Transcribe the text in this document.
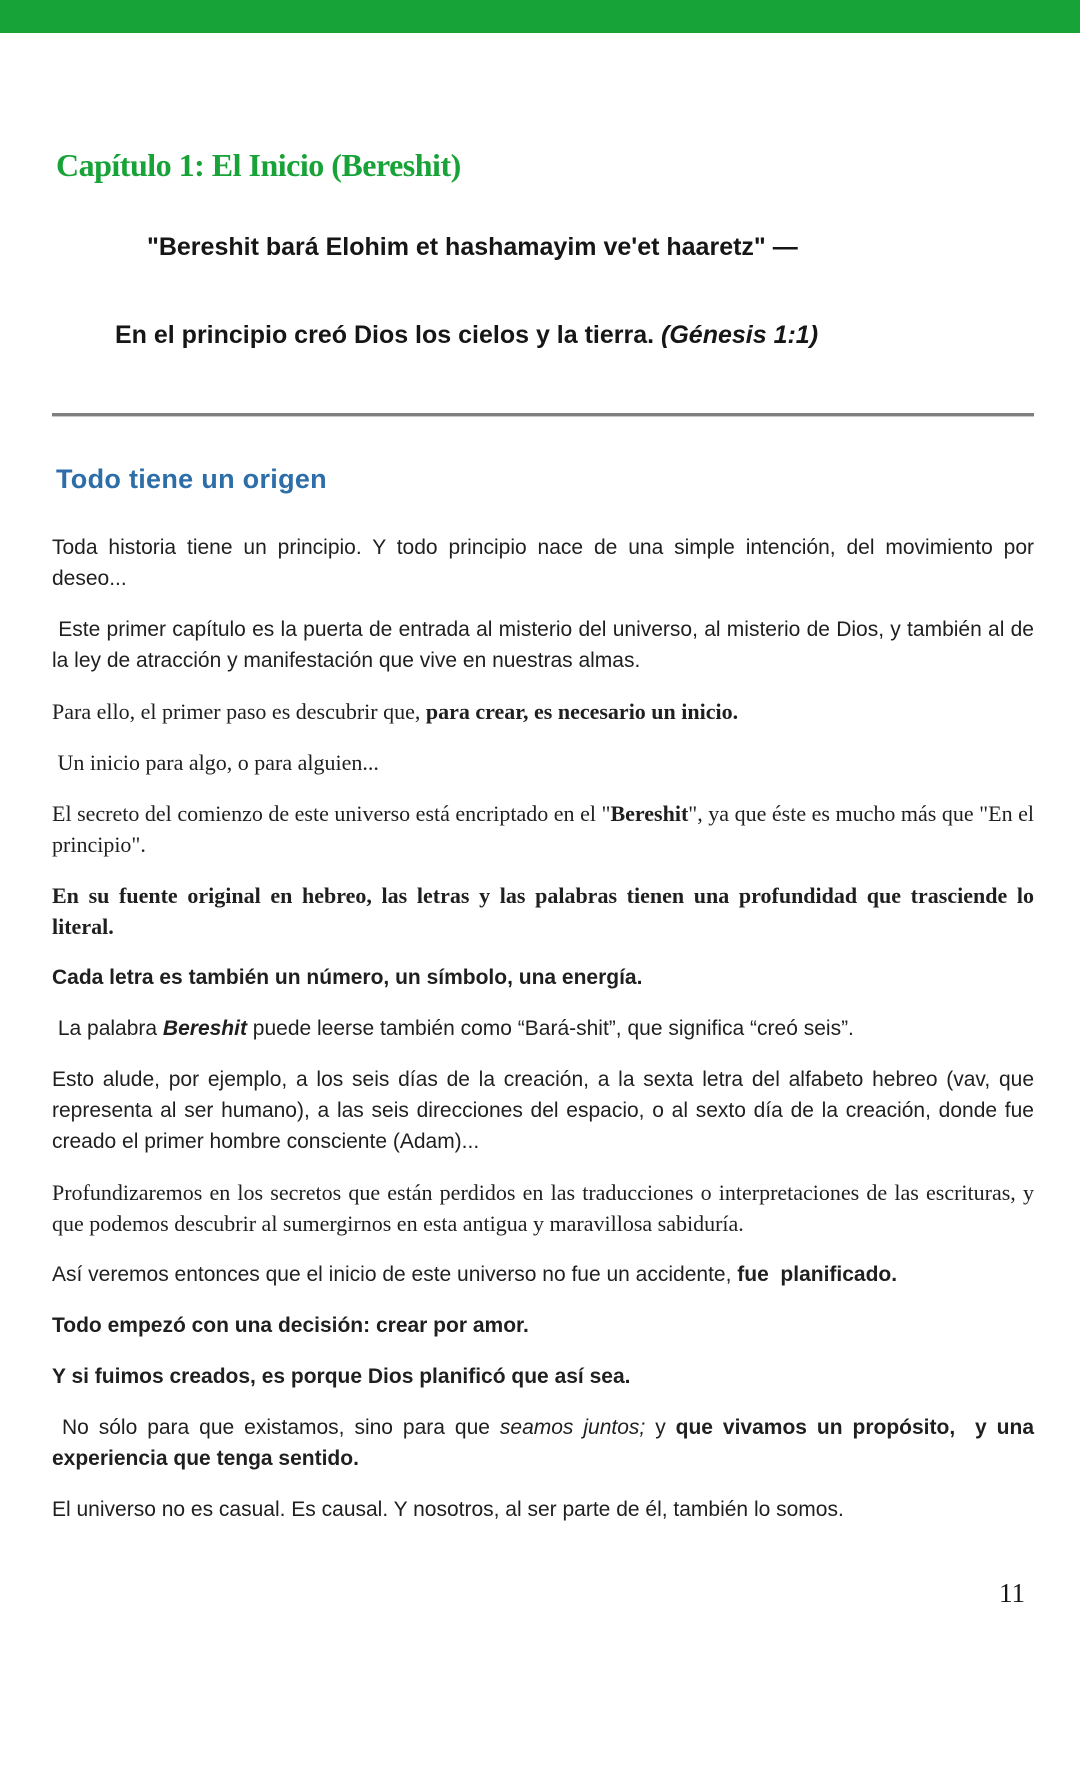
Capítulo 1: El Inicio (Bereshit)

"Bereshit bará Elohim et hashamayim ve'et haaretz" —

En el principio creó Dios los cielos y la tierra. (Génesis 1:1)

Todo tiene un origen

Toda historia tiene un principio. Y todo principio nace de una simple intención, del movimiento por deseo...

Este primer capítulo es la puerta de entrada al misterio del universo, al misterio de Dios, y también al de la ley de atracción y manifestación que vive en nuestras almas.

Para ello, el primer paso es descubrir que, para crear, es necesario un inicio.

Un inicio para algo, o para alguien...

El secreto del comienzo de este universo está encriptado en el "Bereshit", ya que éste es mucho más que "En el principio".

En su fuente original en hebreo, las letras y las palabras tienen una profundidad que trasciende lo literal.

Cada letra es también un número, un símbolo, una energía.

La palabra Bereshit puede leerse también como “Bará-shit”, que significa “creó seis”.

Esto alude, por ejemplo, a los seis días de la creación, a la sexta letra del alfabeto hebreo (vav, que representa al ser humano), a las seis direcciones del espacio, o al sexto día de la creación, donde fue creado el primer hombre consciente (Adam)...

Profundizaremos en los secretos que están perdidos en las traducciones o interpretaciones de las escrituras, y que podemos descubrir al sumergirnos en esta antigua y maravillosa sabiduría.

Así veremos entonces que el inicio de este universo no fue un accidente, fue  planificado.

Todo empezó con una decisión: crear por amor.

Y si fuimos creados, es porque Dios planificó que así sea.

No sólo para que existamos, sino para que seamos juntos; y que vivamos un propósito,  y una experiencia que tenga sentido.

El universo no es casual. Es causal. Y nosotros, al ser parte de él, también lo somos.

11
